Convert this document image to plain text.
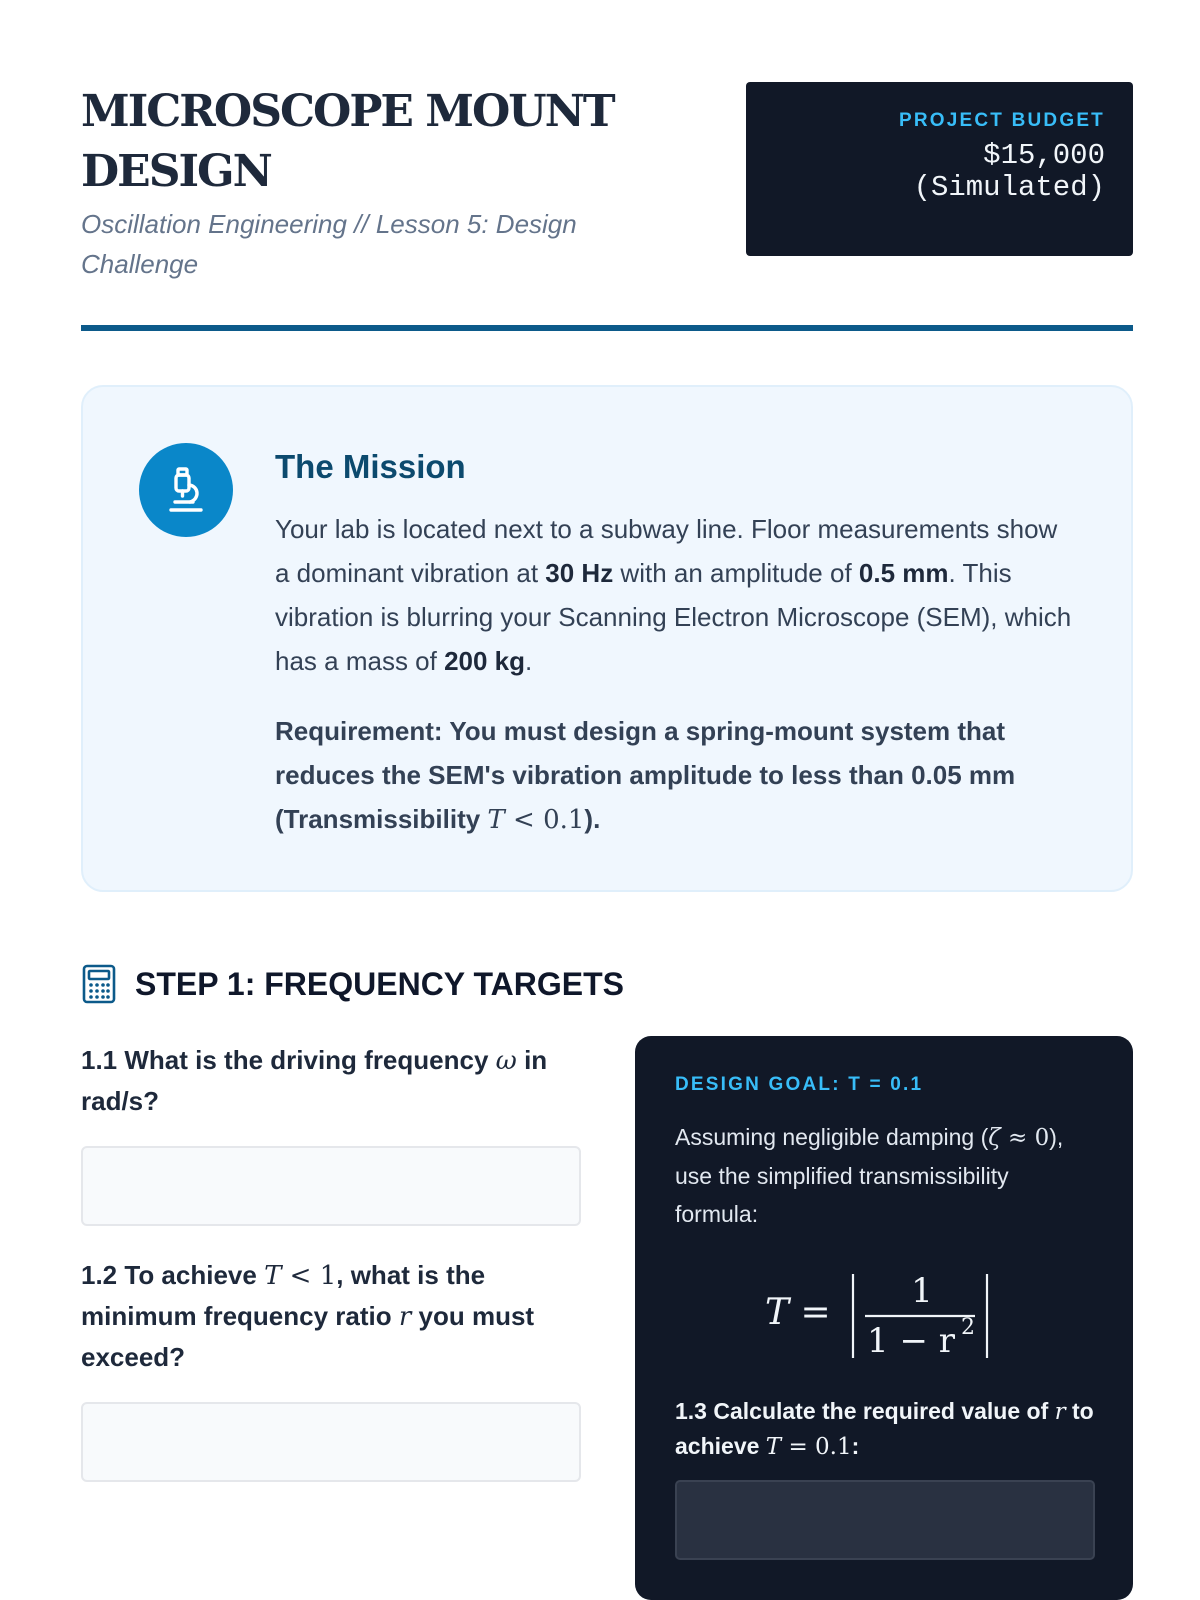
MICROSCOPE MOUNT DESIGN
Oscillation Engineering // Lesson 5: Design Challenge
PROJECT BUDGET
$15,000
(Simulated)
The Mission

Your lab is located next to a subway line. Floor measurements show a dominant vibration at 30 Hz with an amplitude of 0.5 mm. This vibration is blurring your Scanning Electron Microscope (SEM), which has a mass of 200 kg.

Requirement: You must design a spring-mount system that reduces the SEM's vibration amplitude to less than 0.05 mm (Transmissibility T < 0.1).

STEP 1: FREQUENCY TARGETS
1.1 What is the driving frequency ω in rad/s?
1.2 To achieve T < 1, what is the minimum frequency ratio r you must exceed?
DESIGN GOAL: T = 0.1
Assuming negligible damping (ζ ≈ 0), use the simplified transmissibility formula:
T =
1
1 − r 2
1.3 Calculate the required value of r to achieve T = 0.1:
